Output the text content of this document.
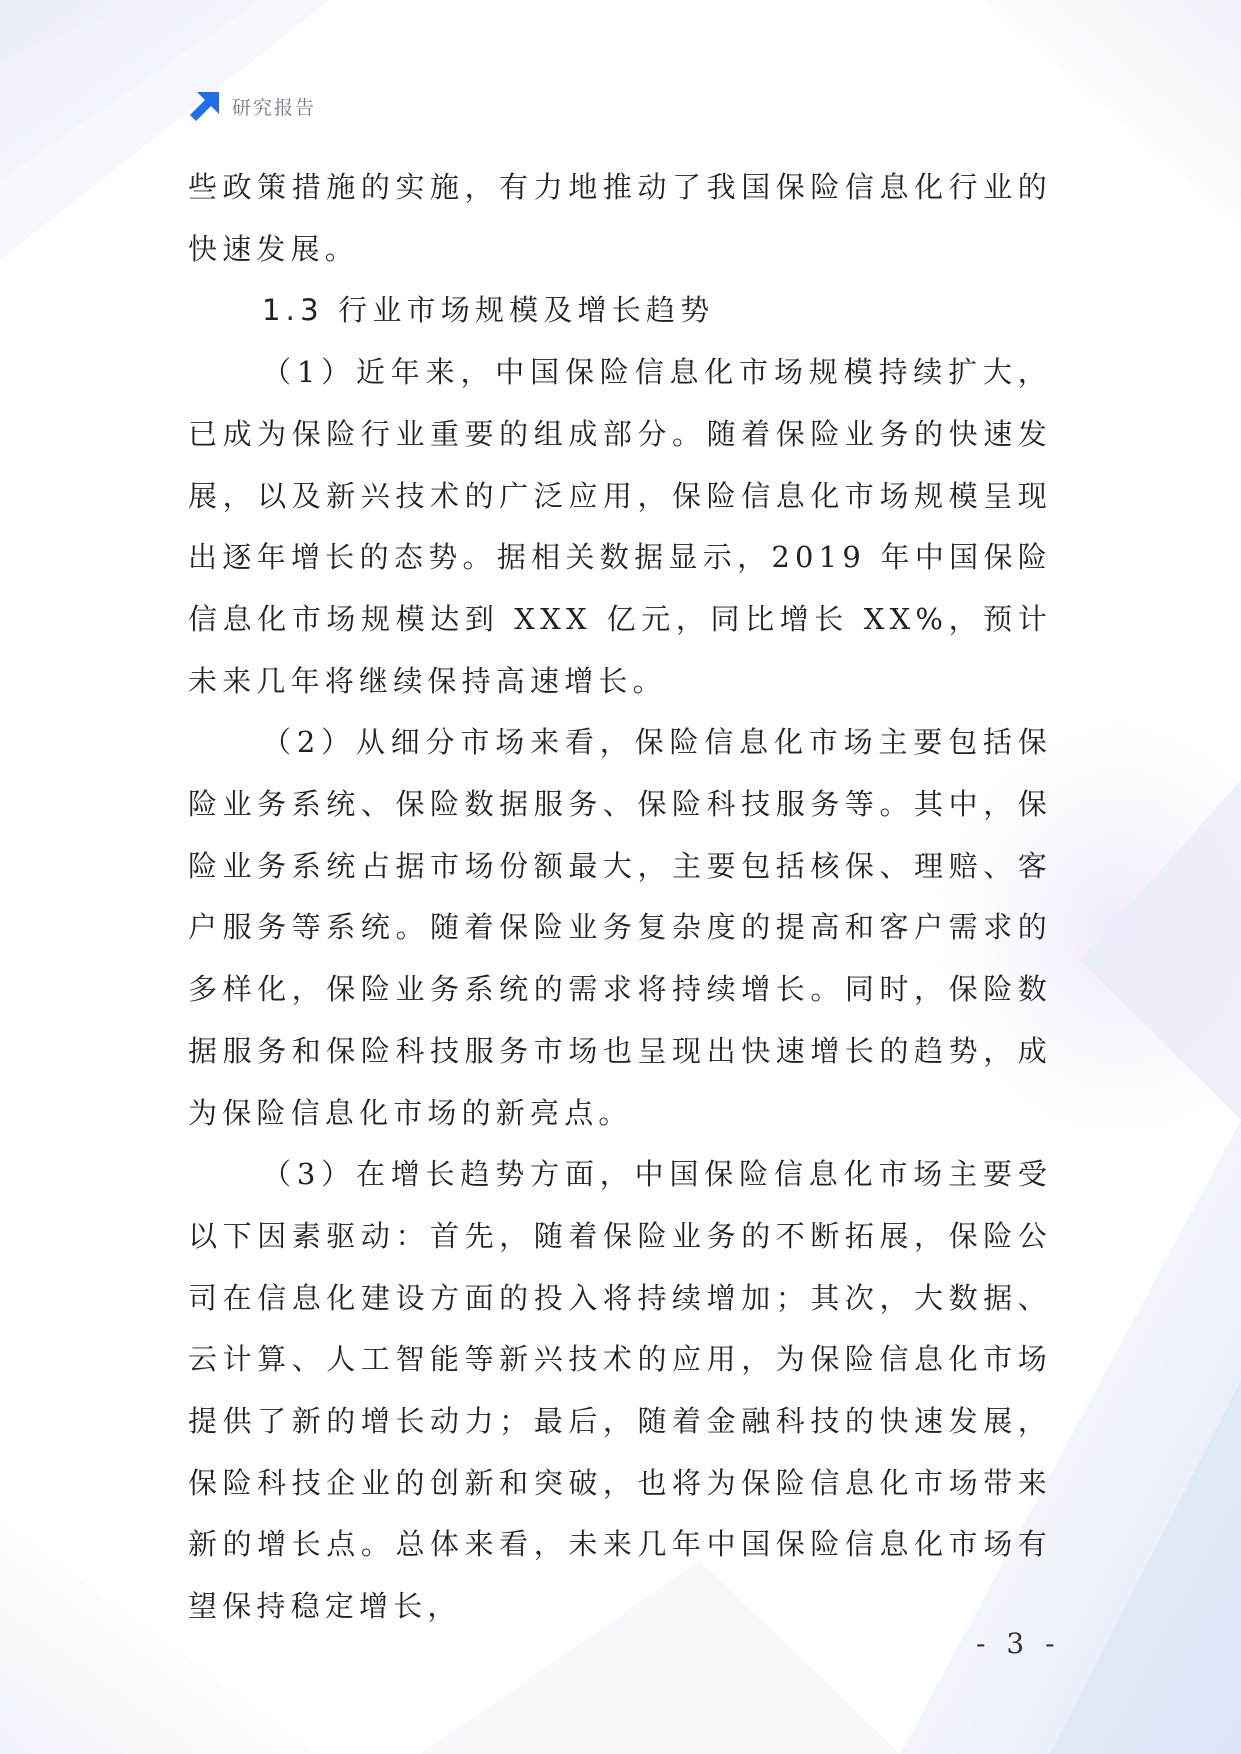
研究报告

些政策措施的实施，有力地推动了我国保险信息化行业的快速发展。

1.3 行业市场规模及增长趋势

（1）近年来，中国保险信息化市场规模持续扩大，已成为保险行业重要的组成部分。随着保险业务的快速发展，以及新兴技术的广泛应用，保险信息化市场规模呈现出逐年增长的态势。据相关数据显示，2019 年中国保险信息化市场规模达到 XXX 亿元，同比增长 XX%，预计未来几年将继续保持高速增长。

（2）从细分市场来看，保险信息化市场主要包括保险业务系统、保险数据服务、保险科技服务等。其中，保险业务系统占据市场份额最大，主要包括核保、理赔、客户服务等系统。随着保险业务复杂度的提高和客户需求的多样化，保险业务系统的需求将持续增长。同时，保险数据服务和保险科技服务市场也呈现出快速增长的趋势，成为保险信息化市场的新亮点。

（3）在增长趋势方面，中国保险信息化市场主要受以下因素驱动：首先，随着保险业务的不断拓展，保险公司在信息化建设方面的投入将持续增加；其次，大数据、云计算、人工智能等新兴技术的应用，为保险信息化市场提供了新的增长动力；最后，随着金融科技的快速发展，保险科技企业的创新和突破，也将为保险信息化市场带来新的增长点。总体来看，未来几年中国保险信息化市场有望保持稳定增长，

- 3 -
